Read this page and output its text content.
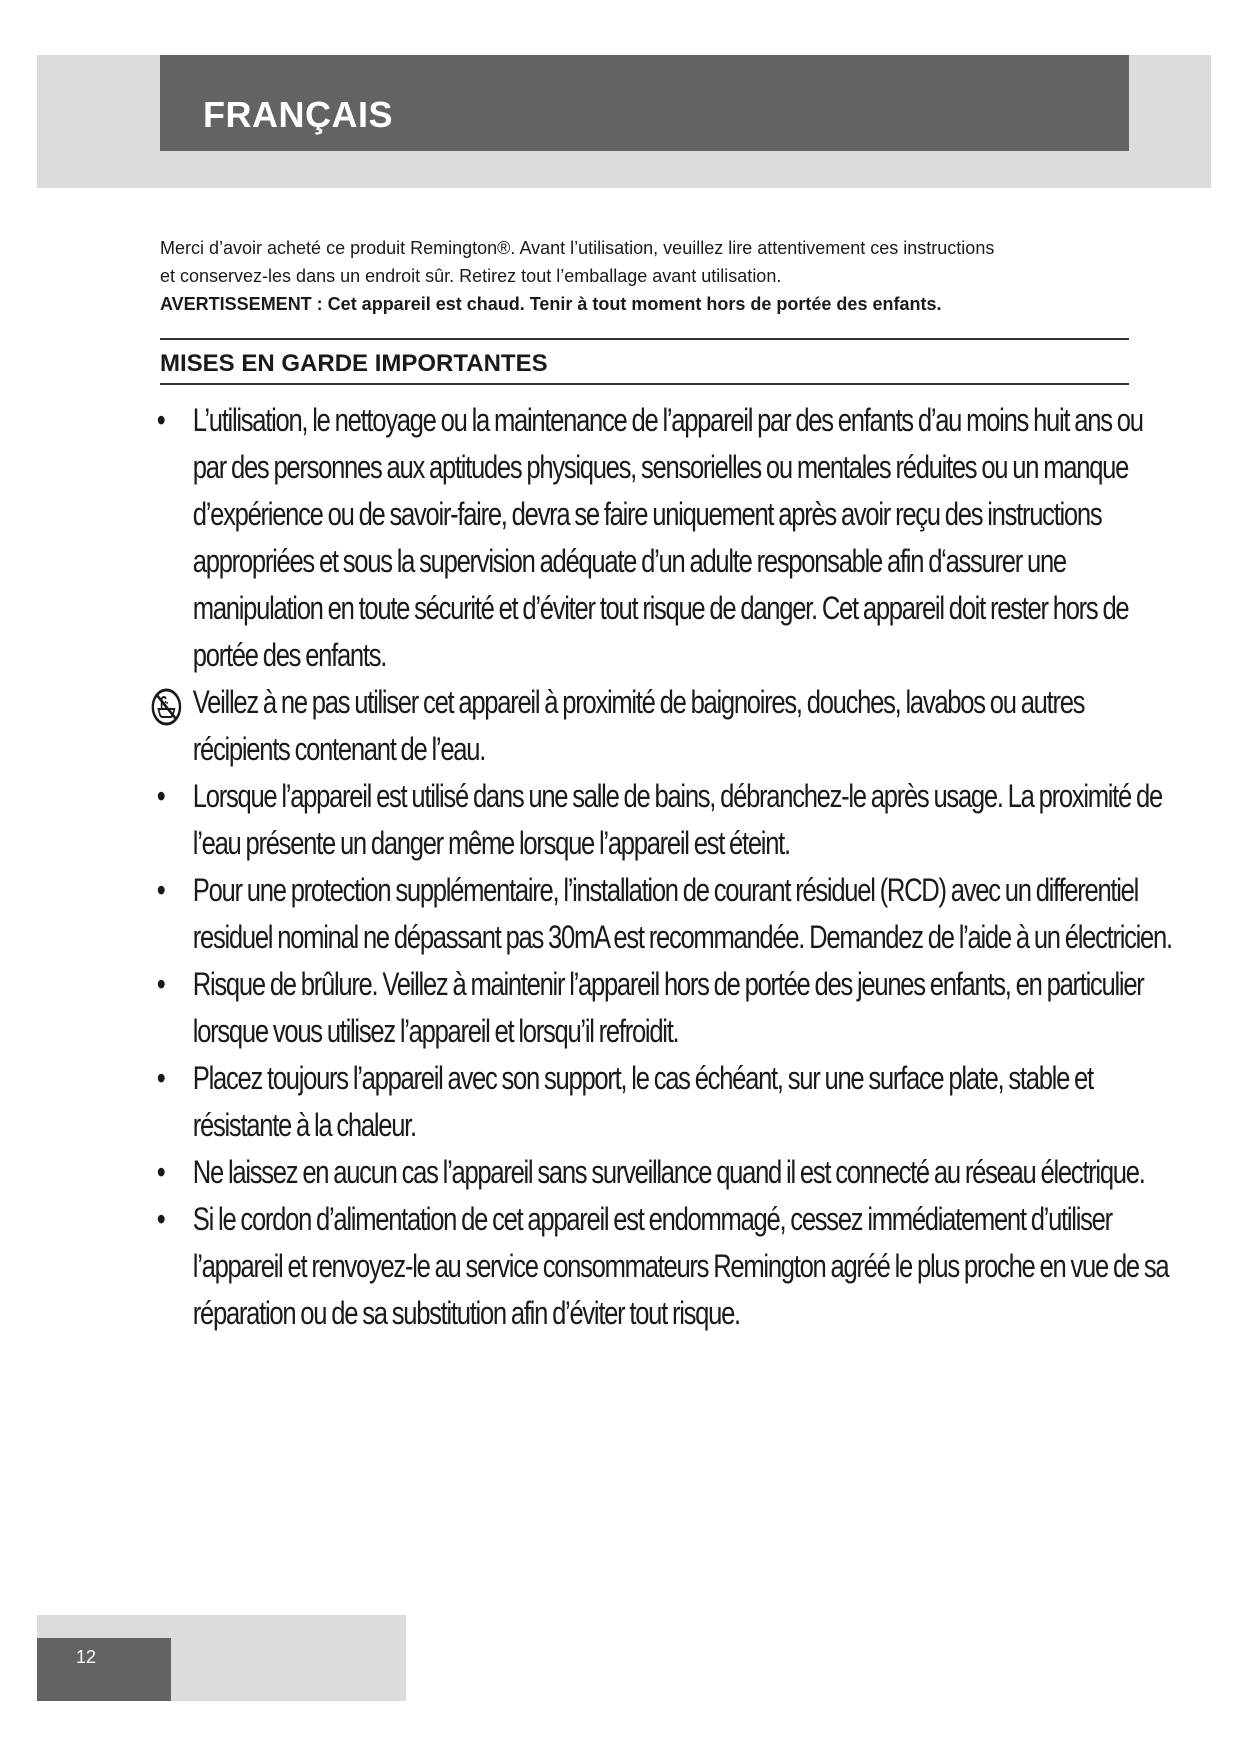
FRANÇAIS

Merci d’avoir acheté ce produit Remington®. Avant l’utilisation, veuillez lire attentivement ces instructions

et conservez-les dans un endroit sûr. Retirez tout l’emballage avant utilisation.

AVERTISSEMENT : Cet appareil est chaud. Tenir à tout moment hors de portée des enfants.

MISES EN GARDE IMPORTANTES
• L’utilisation, le nettoyage ou la maintenance de l’appareil par des enfants d’au moins huit ans ou par des personnes aux aptitudes physiques, sensorielles ou mentales réduites ou un manque d’expérience ou de savoir-faire, devra se faire uniquement après avoir reçu des instructions appropriées et sous la supervision adéquate d’un adulte responsable afin d‘assurer une manipulation en toute sécurité et d’éviter tout risque de danger. Cet appareil doit rester hors de portée des enfants.
Veillez à ne pas utiliser cet appareil à proximité de baignoires, douches, lavabos ou autres récipients contenant de l’eau.
• Lorsque l’appareil est utilisé dans une salle de bains, débranchez-le après usage. La proximité de l’eau présente un danger même lorsque l’appareil est éteint.
• Pour une protection supplémentaire, l’installation de courant résiduel (RCD) avec un differentiel residuel nominal ne dépassant pas 30mA est recommandée. Demandez de l’aide à un électricien.
• Risque de brûlure. Veillez à maintenir l’appareil hors de portée des jeunes enfants, en particulier lorsque vous utilisez l’appareil et lorsqu’il refroidit.
• Placez toujours l’appareil avec son support, le cas échéant, sur une surface plate, stable et résistante à la chaleur.
• Ne laissez en aucun cas l’appareil sans surveillance quand il est connecté au réseau électrique.
• Si le cordon d’alimentation de cet appareil est endommagé, cessez immédiatement d’utiliser l’appareil et renvoyez-le au service consommateurs Remington agréé le plus proche en vue de sa réparation ou de sa substitution afin d’éviter tout risque.
12
